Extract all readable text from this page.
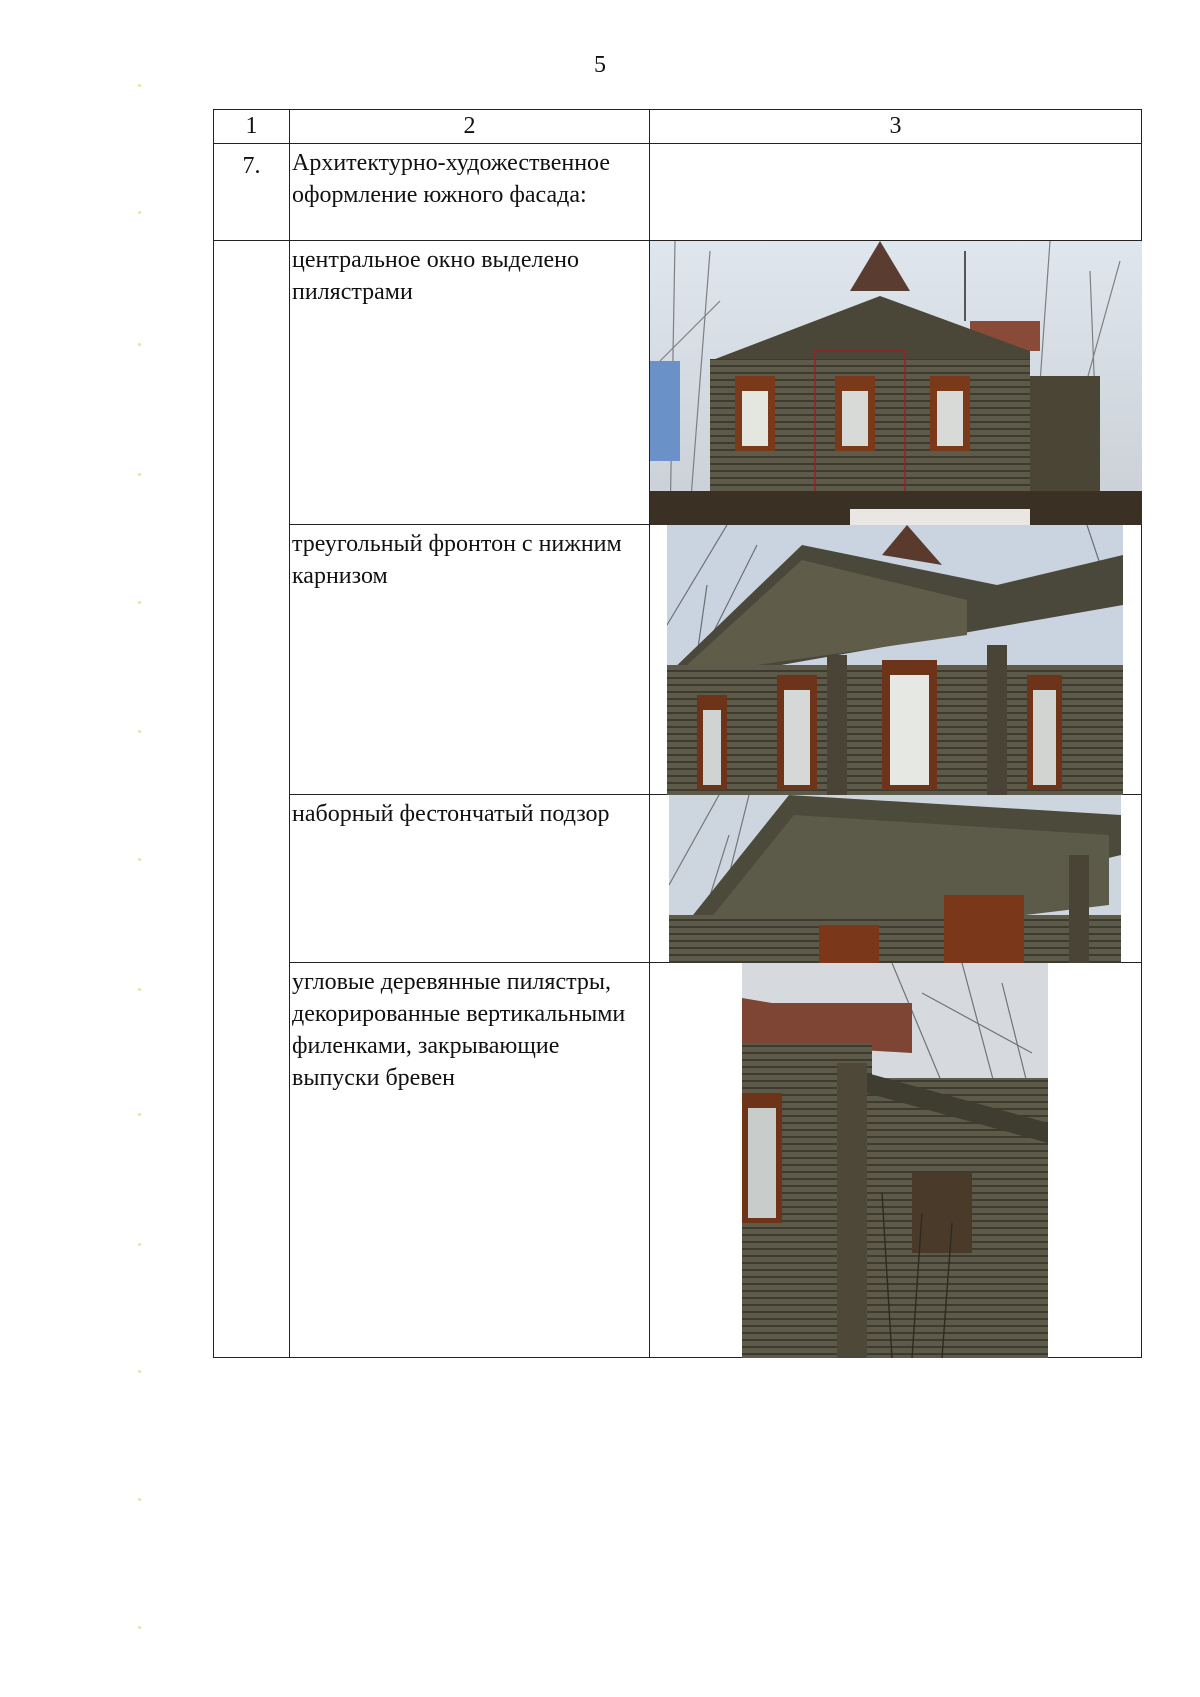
5
1	2	3
7.	Архитектурно-художественное оформление южного фасада:	
	центральное окно выделено пилястрами	

	треугольный фронтон с нижним карнизом	

	наборный фестончатый подзор	

	угловые деревянные пилястры, декорированные вертикальными филенками, закрывающие выпуски бревен	
